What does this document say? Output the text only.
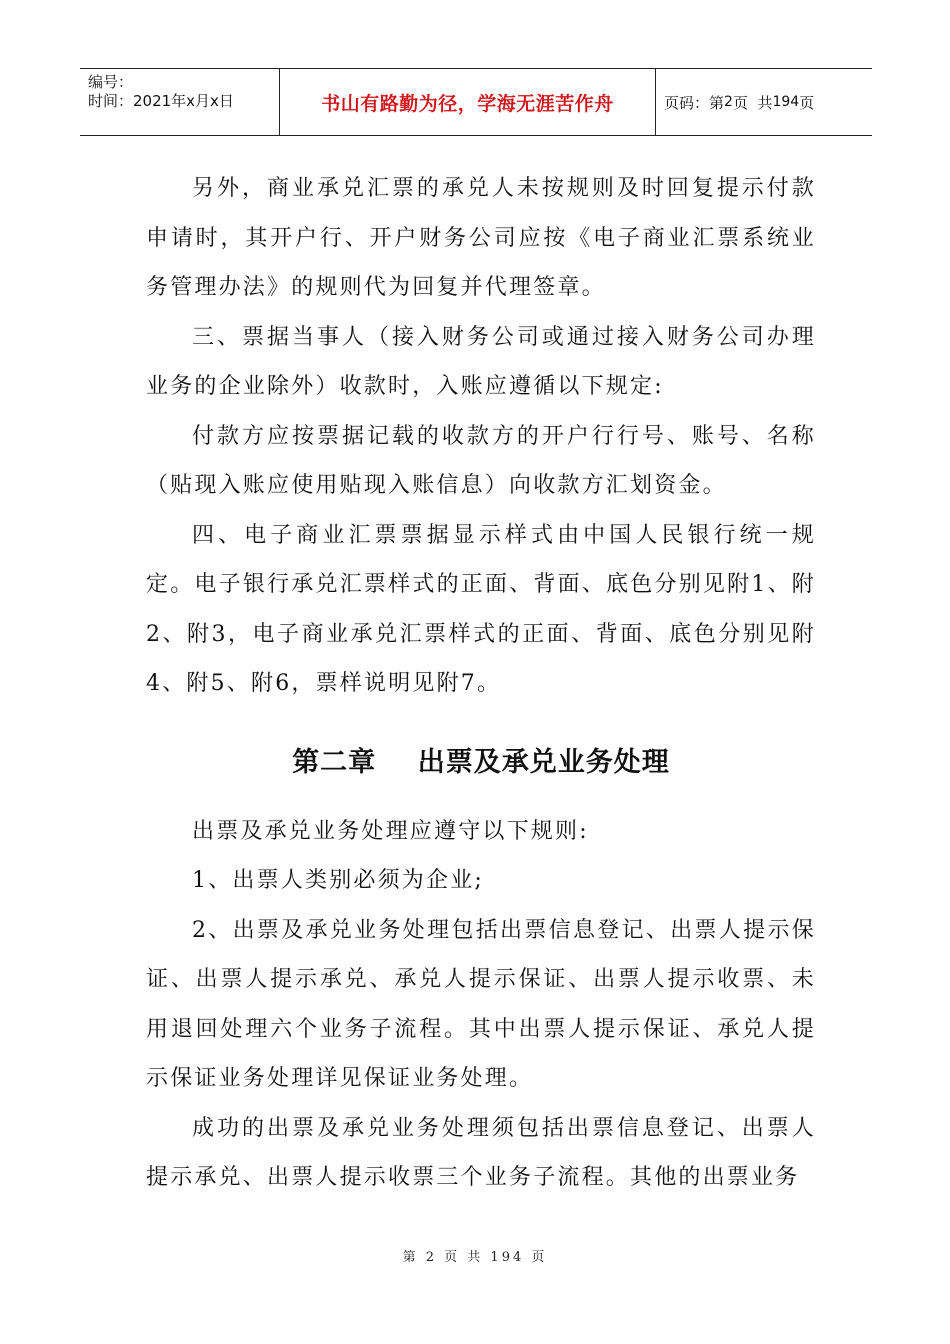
编号：
时间：2021年x月x日	书山有路勤为径，学海无涯苦作舟	页码：第 2 页  共 194 页

另外，商业承兑汇票的承兑人未按规则及时回复提示付款申请时，其开户行、开户财务公司应按《电子商业汇票系统业务管理办法》的规则代为回复并代理签章。

三、票据当事人（接入财务公司或通过接入财务公司办理业务的企业除外）收款时，入账应遵循以下规定:

付款方应按票据记载的收款方的开户行行号、账号、名称（贴现入账应使用贴现入账信息）向收款方汇划资金。

四、电子商业汇票票据显示样式由中国人民银行统一规定。电子银行承兑汇票样式的正面、背面、底色分别见附1、附2、附3，电子商业承兑汇票样式的正面、背面、底色分别见附4、附5、附6，票样说明见附7。

第二章    出票及承兑业务处理

出票及承兑业务处理应遵守以下规则:

1、出票人类别必须为企业;

2、出票及承兑业务处理包括出票信息登记、出票人提示保证、出票人提示承兑、承兑人提示保证、出票人提示收票、未用退回处理六个业务子流程。其中出票人提示保证、承兑人提示保证业务处理详见保证业务处理。

成功的出票及承兑业务处理须包括出票信息登记、出票人提示承兑、出票人提示收票三个业务子流程。其他的出票业务

第 2 页 共 194 页
